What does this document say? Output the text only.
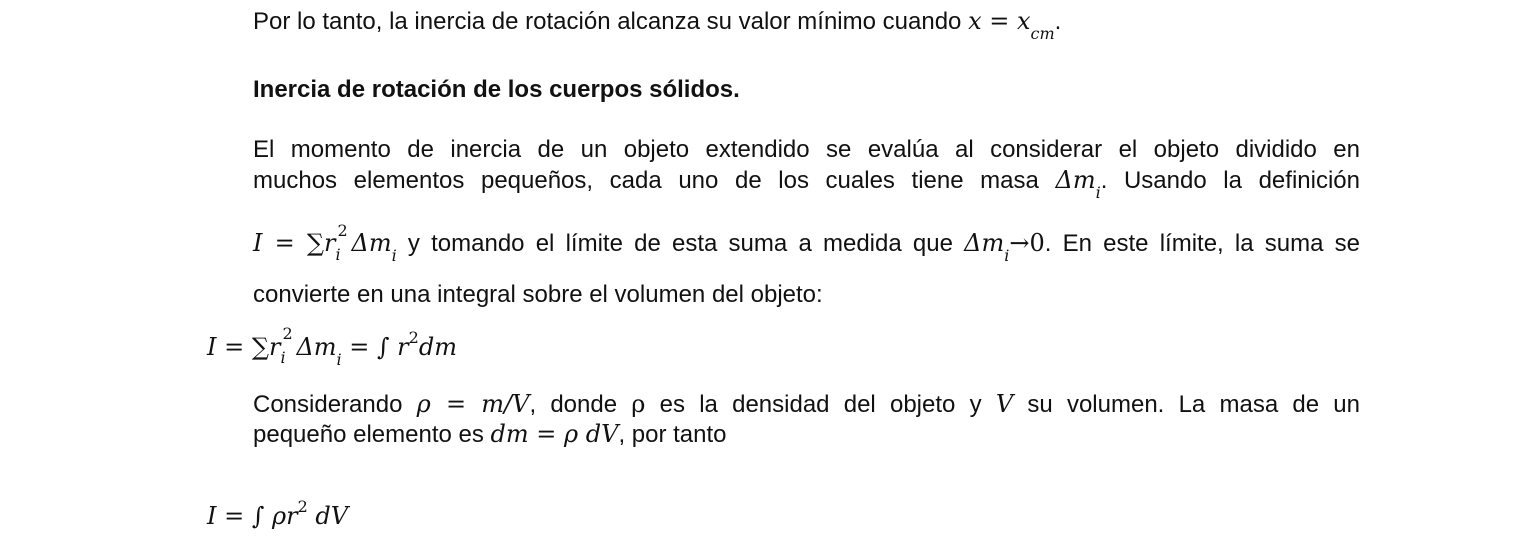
Por lo tanto, la inercia de rotación alcanza su valor mínimo cuando $x = x_{cm}$.
Inercia de rotación de los cuerpos sólidos.
El momento de inercia de un objeto extendido se evalúa al considerar el objeto dividido en
muchos elementos pequeños, cada uno de los cuales tiene masa $\Delta m_i$. Usando la definición
I = ∑r 2
i $\Delta m_i$ y tomando el límite de esta suma a medida que $\Delta m_i\to 0$. En este límite, la suma se
convierte en una integral sobre el volumen del objeto:
I = ∑r 2
i $\Delta m_i$ = ∫ $r^2dm$
Considerando ρ = m/V, donde ρ es la densidad del objeto y V su volumen. La masa de un
pequeño elemento es dm = ρ dV, por tanto
I = ∫ $\rho r^2$ dV
